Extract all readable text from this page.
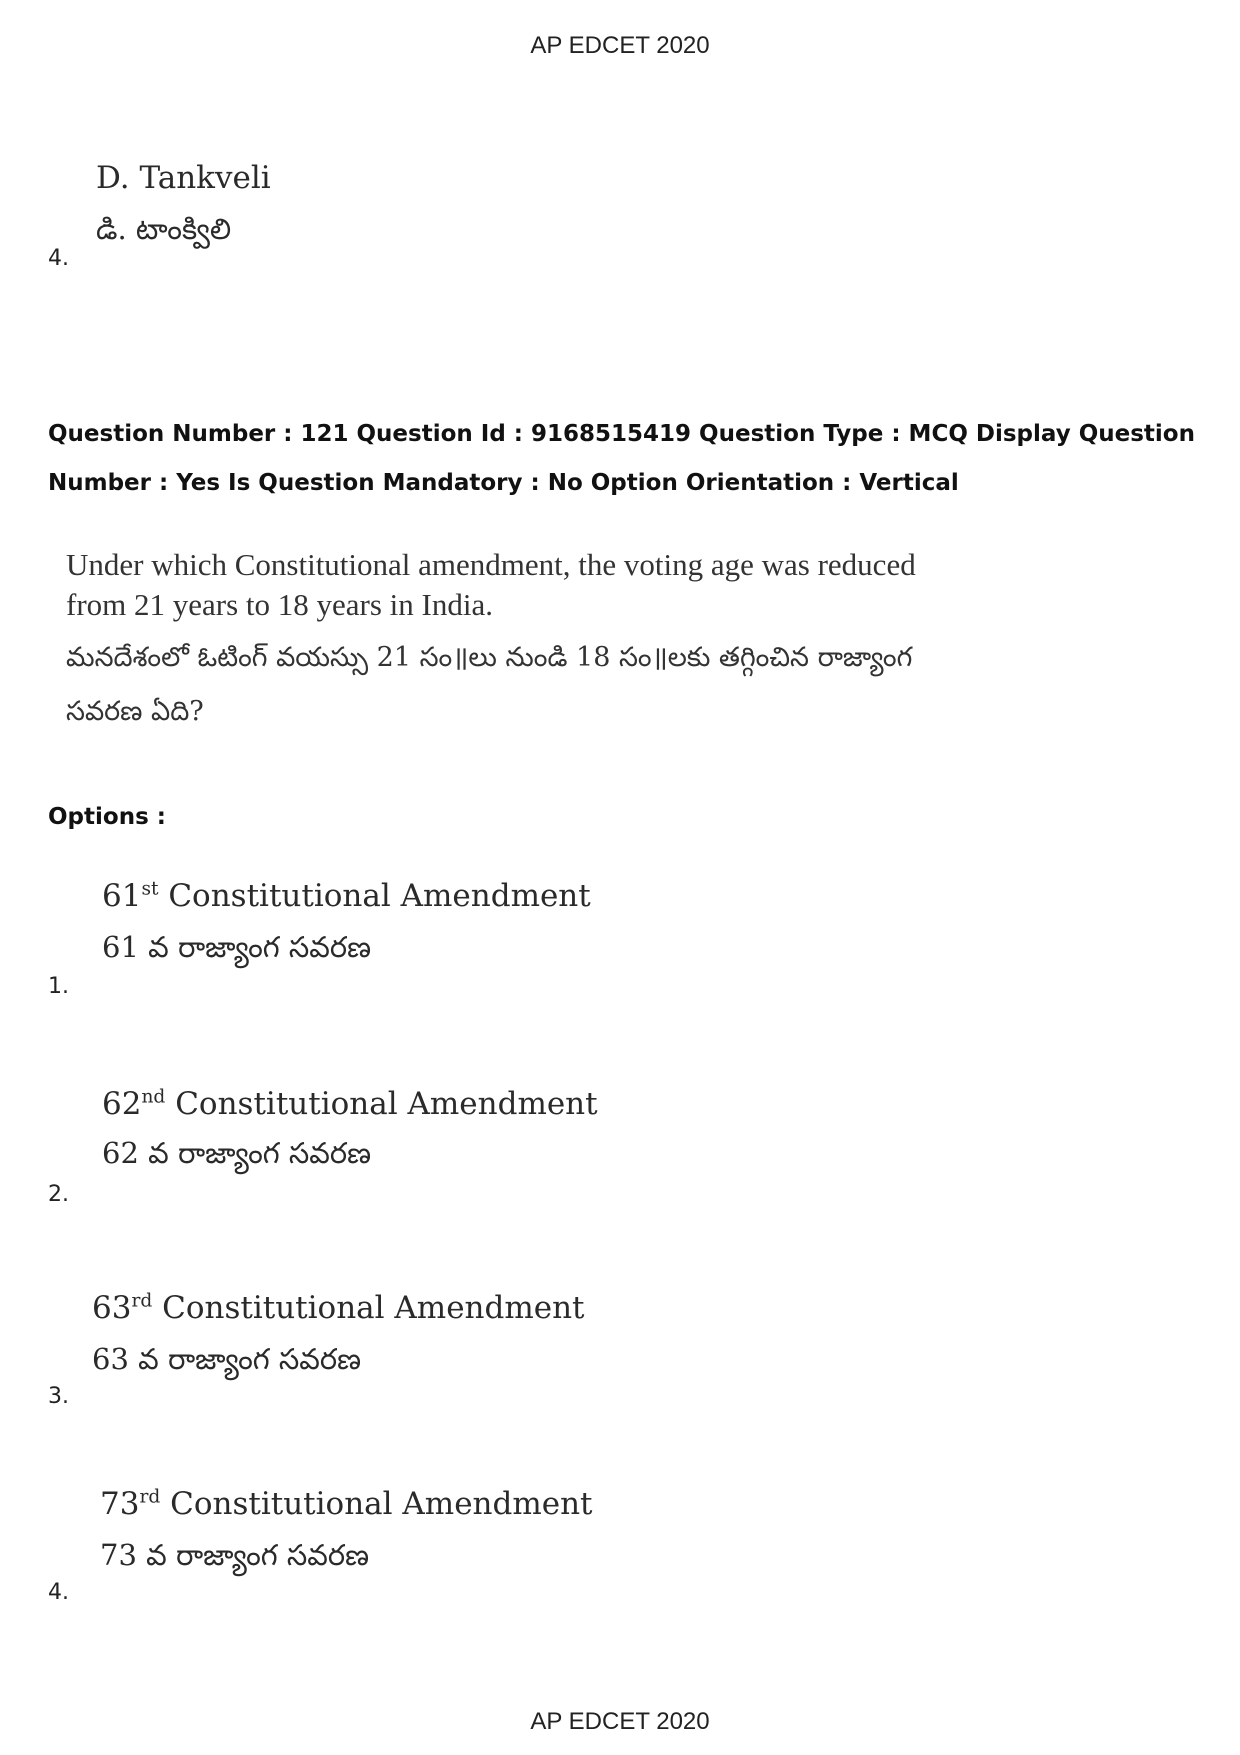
AP EDCET 2020
D. Tankveli
డి. టాంక్విలి
4.
Question Number : 121 Question Id : 9168515419 Question Type : MCQ Display Question
Number : Yes Is Question Mandatory : No Option Orientation : Vertical

Under which Constitutional amendment, the voting age was reduced

from 21 years to 18 years in India.

మనదేశంలో ఓటింగ్ వయస్సు 21 సం॥లు నుండి 18 సం॥లకు తగ్గించిన రాజ్యాంగ

సవరణ ఏది?

Options :
61st Constitutional Amendment
61 వ రాజ్యాంగ సవరణ
1.
62nd Constitutional Amendment
62 వ రాజ్యాంగ సవరణ
2.
63rd Constitutional Amendment
63 వ రాజ్యాంగ సవరణ
3.
73rd Constitutional Amendment
73 వ రాజ్యాంగ సవరణ
4.
AP EDCET 2020
